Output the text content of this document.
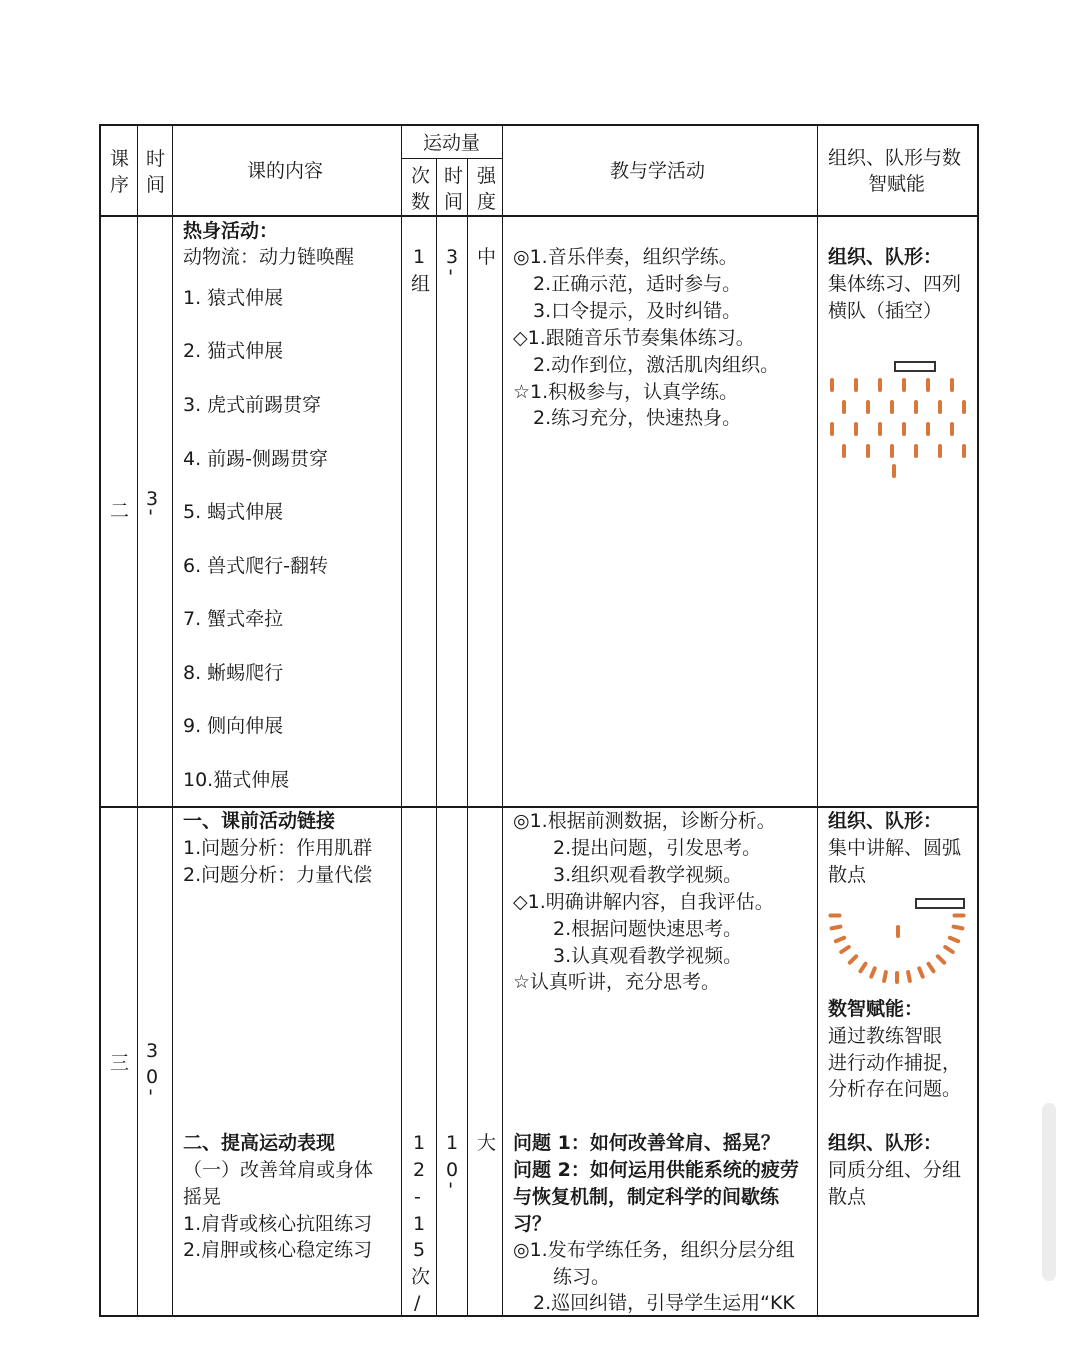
课
序
时
间
课的内容
运动量
次
数
时
间
强
度
教与学活动
组织、队形与数
智赋能
二
3
'
热身活动：
动物流：动力链唤醒
1. 猿式伸展
2. 猫式伸展
3. 虎式前踢贯穿
4. 前踢-侧踢贯穿
5. 蝎式伸展
6. 兽式爬行-翻转
7. 蟹式牵拉
8. 蜥蜴爬行
9. 侧向伸展
10.猫式伸展
1
组
3
'
中 ◎1.音乐伴奏，组织学练。
2.正确示范，适时参与。
3.口令提示，及时纠错。
◇1.跟随音乐节奏集体练习。
2.动作到位，激活肌肉组织。
☆1.积极参与，认真学练。
2.练习充分，快速热身。
组织、队形：
集体练习、四列
横队（插空）
三
3
0
'
一、课前活动链接
1.问题分析：作用肌群
2.问题分析：力量代偿
◎1.根据前测数据，诊断分析。
2.提出问题，引发思考。
3.组织观看教学视频。
◇1.明确讲解内容，自我评估。
2.根据问题快速思考。
3.认真观看教学视频。
☆认真听讲，充分思考。
组织、队形：
集中讲解、圆弧
散点
数智赋能：
通过教练智眼
进行动作捕捉，
分析存在问题。
二、提高运动表现
（一）改善耸肩或身体
摇晃
1.肩背或核心抗阻练习
2.肩胛或核心稳定练习
1
2
-
1
5
次
/
1
0
'
大 问题 1：如何改善耸肩、摇晃？
问题 2：如何运用供能系统的疲劳
与恢复机制，制定科学的间歇练
习？
◎1.发布学练任务，组织分层分组
练习。
2.巡回纠错，引导学生运用“KK
组织、队形：
同质分组、分组
散点
